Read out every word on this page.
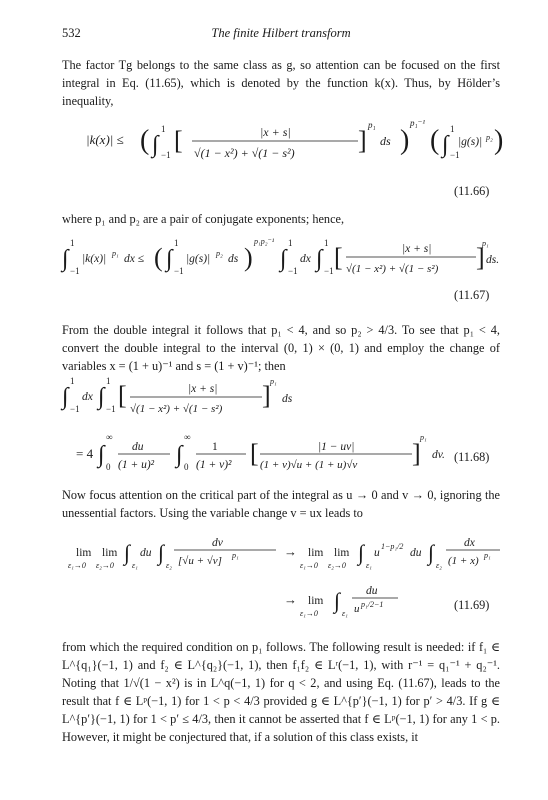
532	The finite Hilbert transform

The factor Tg belongs to the same class as g, so attention can be focused on the first integral in Eq. (11.65), which is denoted by the function k(x). Thus, by Hölder’s inequality,

|k(x)| ≤ ( ∫
1
−1 [	|x + s|
√(1 − x²) + √(1 − s²) ]
p₁
ds )
p₁⁻¹
( ∫
1
−1
|g(s)| p₂ )
(11.66)

where p₁ and p₂ are a pair of conjugate exponents; hence,

∫
1
−1
|k(x)| p₁ dx ≤ ( ∫
1
−1
|g(s)| p₂ ds )
p₁p₂⁻¹
∫
1
−1
dx ∫
1
−1 [	|x + s|
√(1 − x²) + √(1 − s²) ]
p₁
ds.
(11.67)

From the double integral it follows that p₁ < 4, and so p₂ > 4/3. To see that p₁ < 4, convert the double integral to the interval (0, 1) × (0, 1) and employ the change of variables x = (1 + u)⁻¹ and s = (1 + v)⁻¹; then

∫
1
−1
dx ∫
1
−1 [	|x + s|
√(1 − x²) + √(1 − s²) ] p₁
ds
= 4 ∫
∞
0
du
(1 + u)² ∫
∞
0
1
(1 + v)² [	|1 − uv|
(1 + v)√u + (1 + u)√v ]
p₁
dv. (11.68)

Now focus attention on the critical part of the integral as u → 0 and v → 0, ignoring the unessential factors. Using the variable change v = ux leads to

lim
ε₁→0
lim
ε₂→0
∫
ε₁
du ∫
ε₂
dv
[√u + √v] p₁	→ lim
ε₁→0
lim
ε₂→0
∫
ε₁
u
1−p₁/2
du ∫
ε₂
dx
(1 + x) p₁
→ lim
ε₁→0
∫
ε₁
du
u p₁/2−1	(11.69)

from which the required condition on p₁ follows. The following result is needed: if f₁ ∈ L^{q₁}(−1, 1) and f₂ ∈ L^{q₂}(−1, 1), then f₁f₂ ∈ Lʳ(−1, 1), with r⁻¹ = q₁⁻¹ + q₂⁻¹. Noting that 1/√(1 − x²) is in L^q(−1, 1) for q < 2, and using Eq. (11.67), leads to the result that f ∈ Lᵖ(−1, 1) for 1 < p < 4/3 provided g ∈ L^{p′}(−1, 1) for p′ > 4/3. If g ∈ L^{p′}(−1, 1) for 1 < p′ ≤ 4/3, then it cannot be asserted that f ∈ Lᵖ(−1, 1) for any 1 < p. However, it might be conjectured that, if a solution of this class exists, it
